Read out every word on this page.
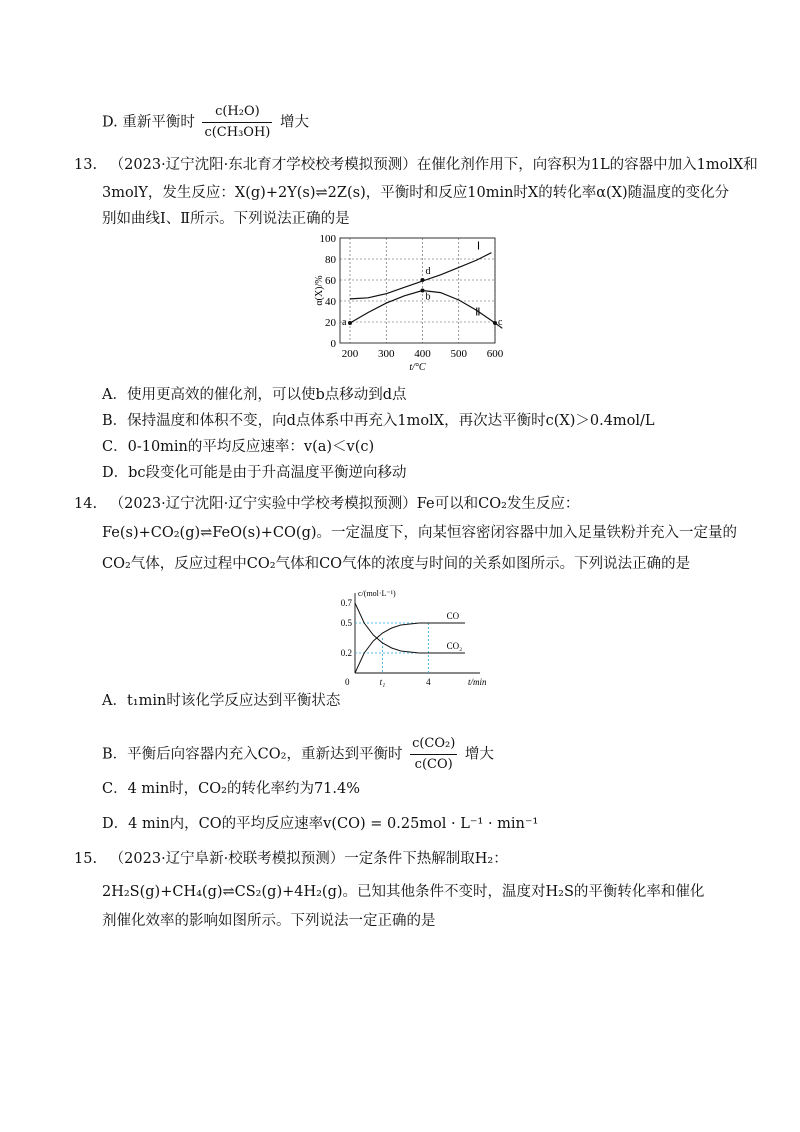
D. 重新平衡时 $\frac{\text{c(H₂O)}}{\text{c(CH₃OH)}}$ 增大
13. （2023·辽宁沈阳·东北育才学校校考模拟预测）在催化剂作用下，向容积为1L的容器中加入1molX和
3molY，发生反应：X(g)+2Y(s)⇌2Z(s)，平衡时和反应10min时X的转化率α(X)随温度的变化分
别如曲线Ⅰ、Ⅱ所示。下列说法正确的是
0
20
40
60
80
100
200 300 400 500 600
α(X)/%
t/°C
Ⅰ
Ⅱ
a
b
c
d
A．使用更高效的催化剂，可以使b点移动到d点
B．保持温度和体积不变，向d点体系中再充入1molX，再次达平衡时c(X)＞0.4mol/L
C．0-10min的平均反应速率：v(a)＜v(c)
D．bc段变化可能是由于升高温度平衡逆向移动
14. （2023·辽宁沈阳·辽宁实验中学校考模拟预测）Fe可以和CO₂发生反应：
Fe(s)+CO₂(g)⇌FeO(s)+CO(g)。一定温度下，向某恒容密闭容器中加入足量铁粉并充入一定量的
CO₂气体，反应过程中CO₂气体和CO气体的浓度与时间的关系如图所示。下列说法正确的是
c/(mol·L⁻¹)
t/min
0
0.7
0.5
0.2
t₁	4
CO
CO₂
A．t₁min时该化学反应达到平衡状态
B．平衡后向容器内充入CO₂，重新达到平衡时 $\frac{\text{c(CO₂)}}{c(CO)}$ 增大
C．4 min时，CO₂的转化率约为71.4%
D．4 min内，CO的平均反应速率v(CO) = 0.25mol · L⁻¹ · min⁻¹
15. （2023·辽宁阜新·校联考模拟预测）一定条件下热解制取H₂：
2H₂S(g)+CH₄(g)⇌CS₂(g)+4H₂(g)。已知其他条件不变时，温度对H₂S的平衡转化率和催化
剂催化效率的影响如图所示。下列说法一定正确的是
